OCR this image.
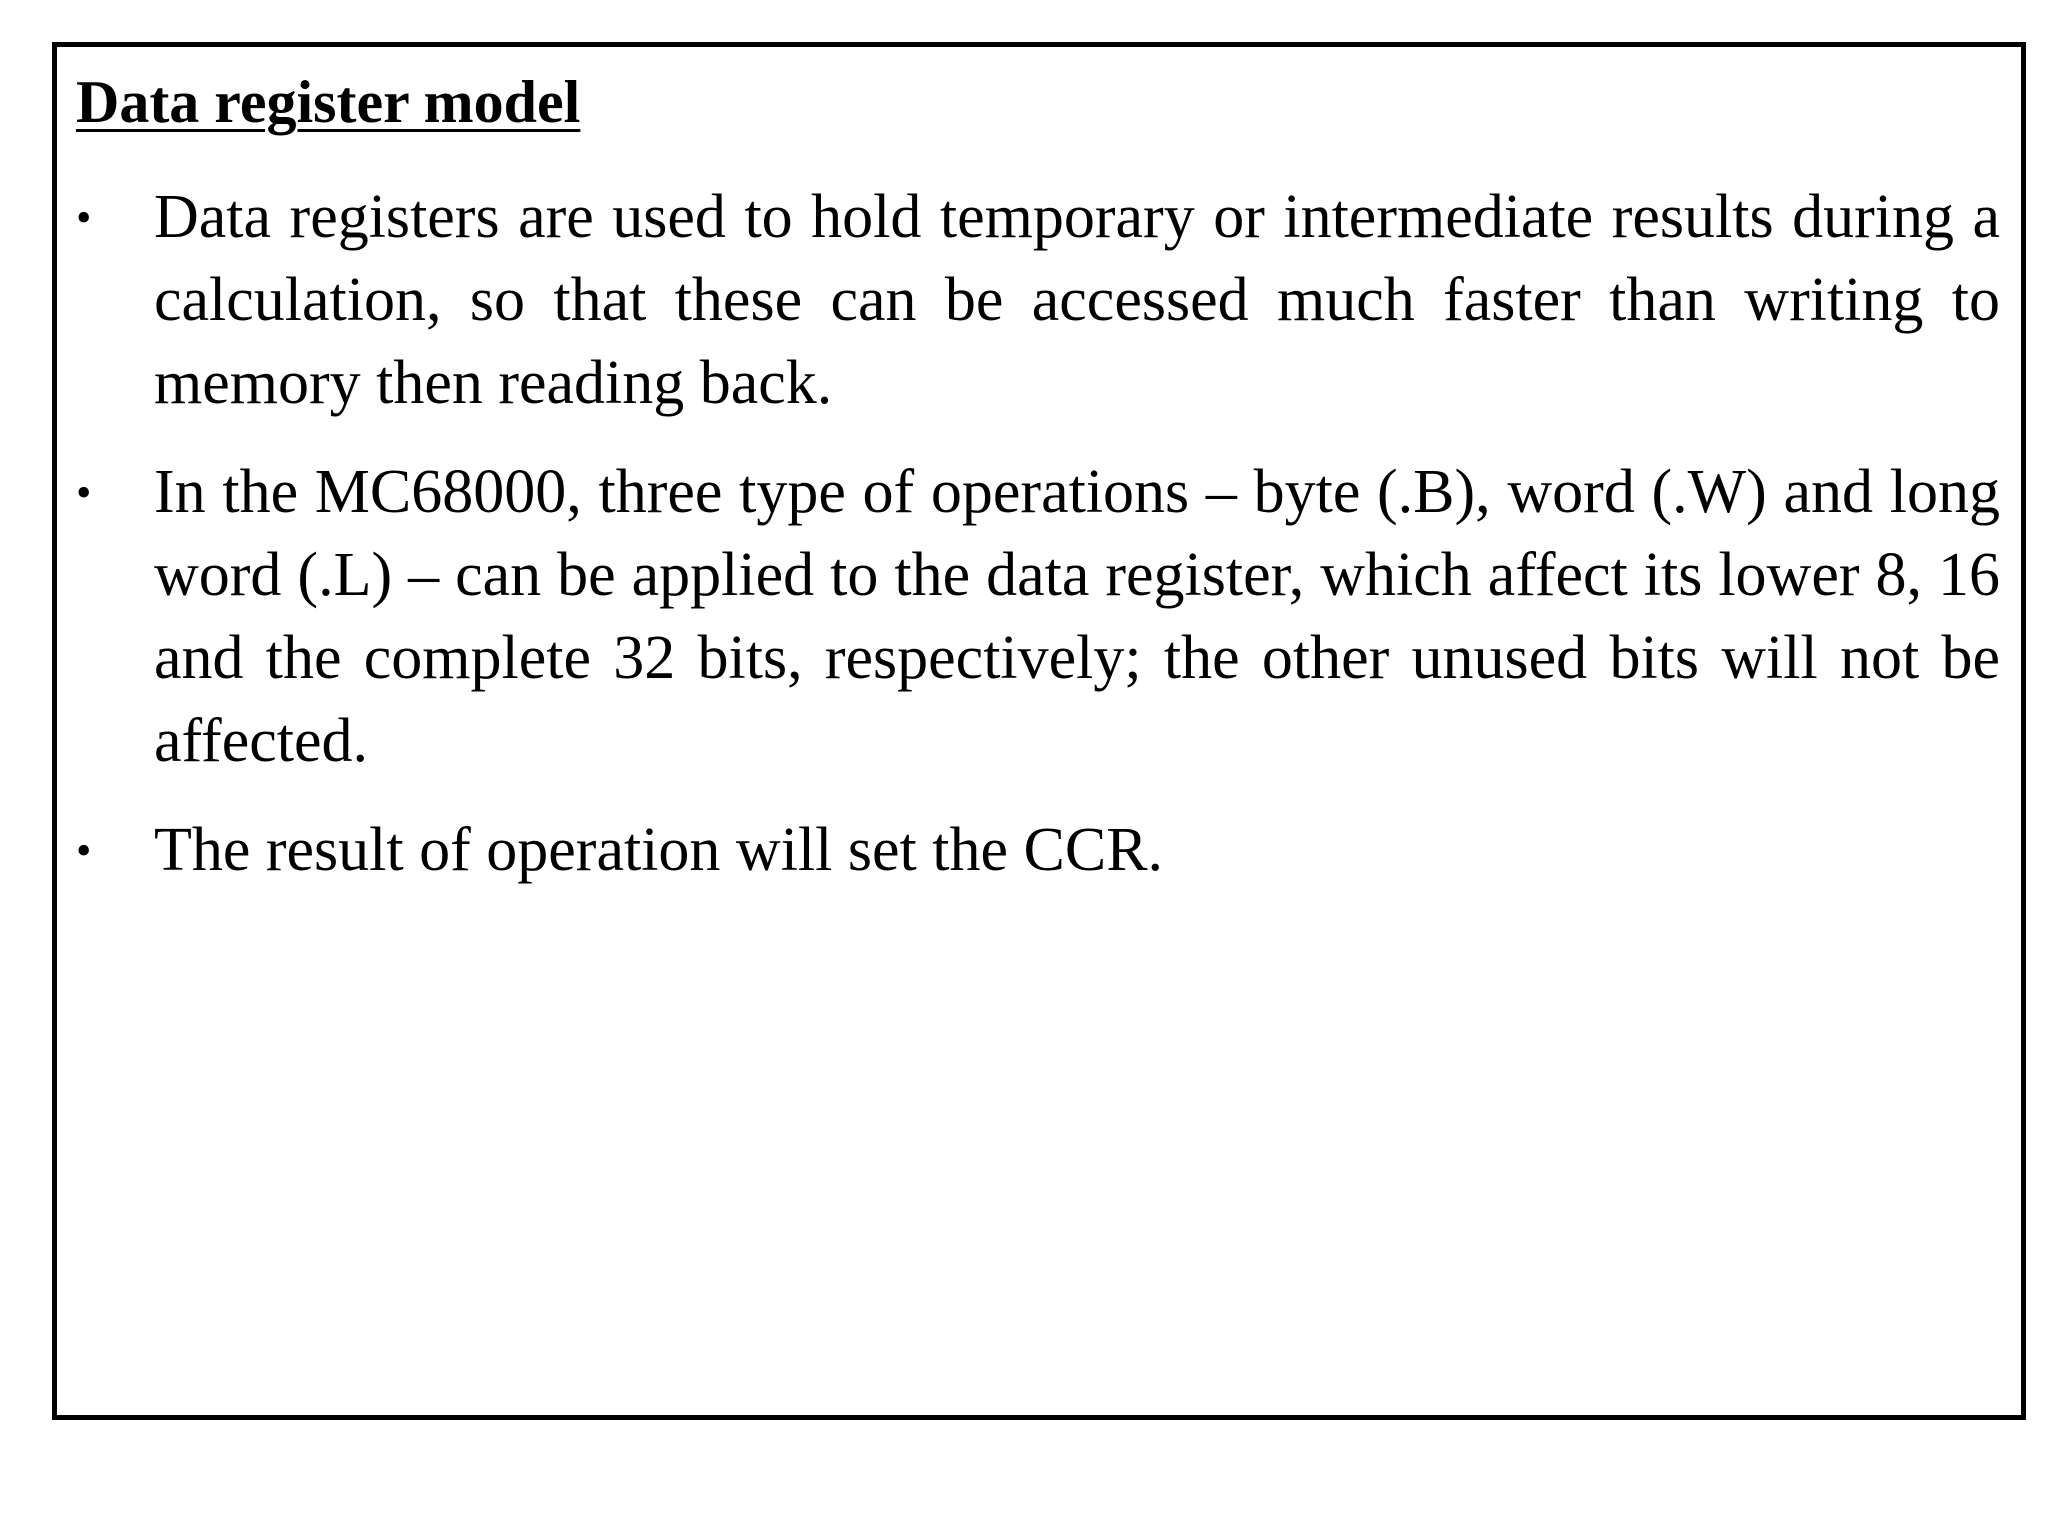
Data register model
• Data registers are used to hold temporary or intermediate results during a calculation, so that these can be accessed much faster than writing to memory then reading back.
• In the MC68000, three type of operations – byte (.B), word (.W) and long word (.L) – can be applied to the data register, which affect its lower 8, 16 and the complete 32 bits, respectively; the other unused bits will not be affected.
• The result of operation will set the CCR.
